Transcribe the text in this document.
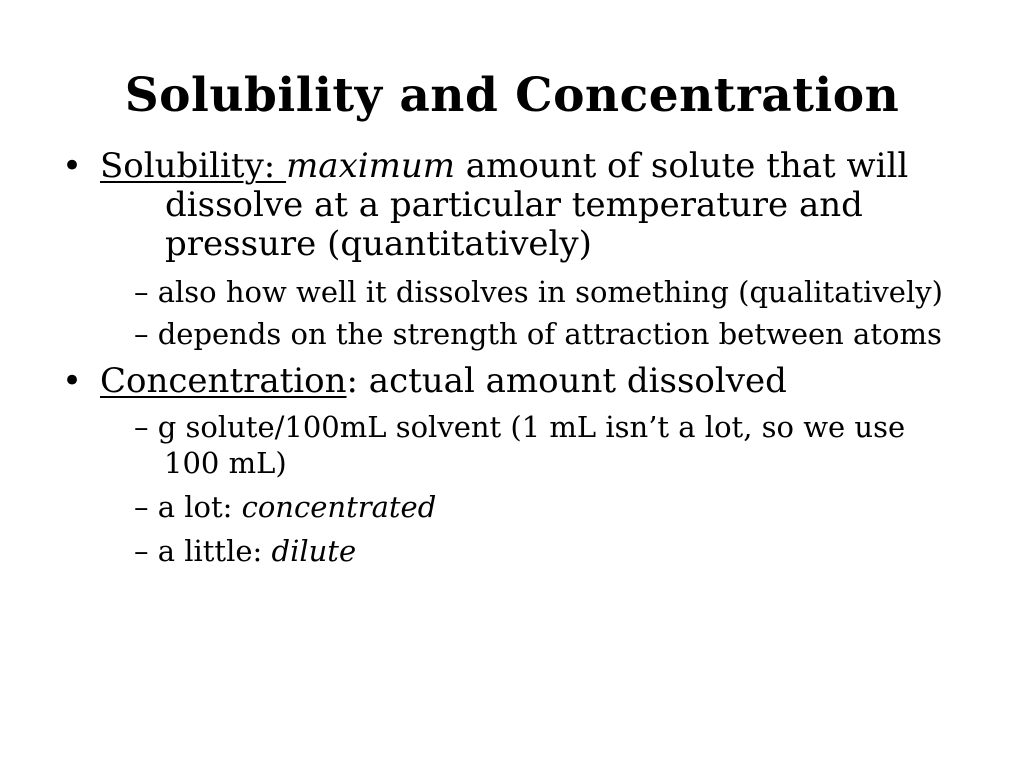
Solubility and Concentration

• Solubility: maximum amount of solute that will dissolve at a particular temperature and pressure (quantitatively)

– also how well it dissolves in something (qualitatively)

– depends on the strength of attraction between atoms

• Concentration: actual amount dissolved

– g solute/100mL solvent (1 mL isn’t a lot, so we use 100 mL)

– a lot: concentrated

– a little: dilute
